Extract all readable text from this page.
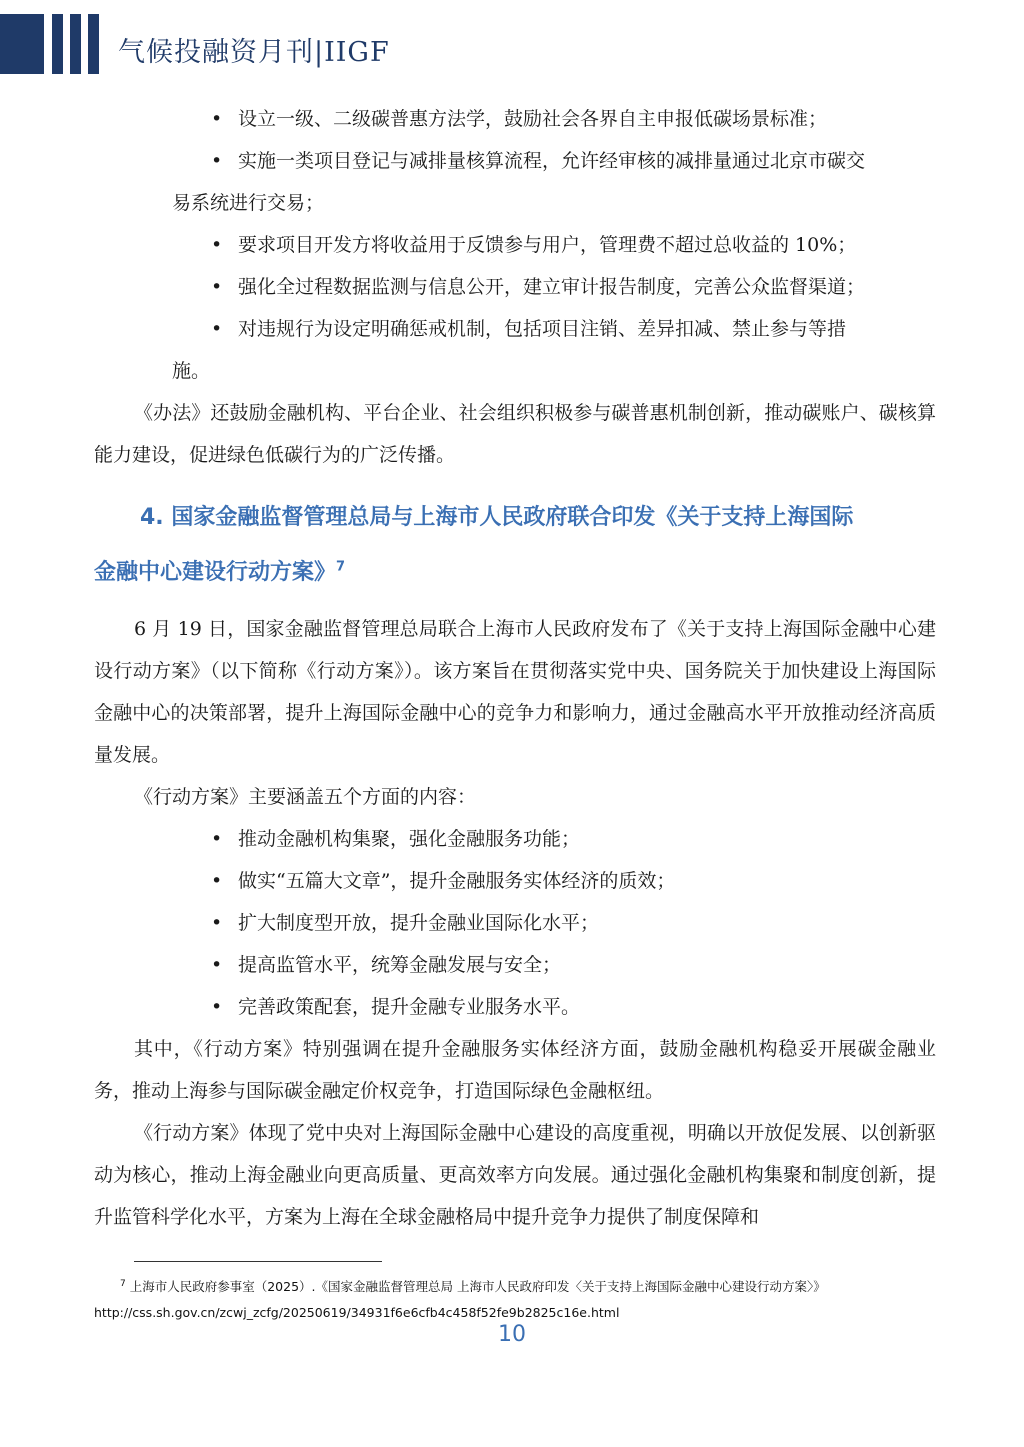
气候投融资月刊|IIGF

• 设立一级、二级碳普惠方法学，鼓励社会各界自主申报低碳场景标准；

• 实施一类项目登记与减排量核算流程，允许经审核的减排量通过北京市碳交
易系统进行交易；

• 要求项目开发方将收益用于反馈参与用户，管理费不超过总收益的 10%；

• 强化全过程数据监测与信息公开，建立审计报告制度，完善公众监督渠道；

• 对违规行为设定明确惩戒机制，包括项目注销、差异扣减、禁止参与等措
施。

《办法》还鼓励金融机构、平台企业、社会组织积极参与碳普惠机制创新，推动碳账户、碳核算能力建设，促进绿色低碳行为的广泛传播。

4. 国家金融监督管理总局与上海市人民政府联合印发《关于支持上海国际
金融中心建设行动方案》$^7$

6 月 19 日，国家金融监督管理总局联合上海市人民政府发布了《关于支持上海国际金融中心建设行动方案》（以下简称《行动方案》）。该方案旨在贯彻落实党中央、国务院关于加快建设上海国际金融中心的决策部署，提升上海国际金融中心的竞争力和影响力，通过金融高水平开放推动经济高质量发展。

《行动方案》主要涵盖五个方面的内容：

• 推动金融机构集聚，强化金融服务功能；

• 做实“五篇大文章”，提升金融服务实体经济的质效；

• 扩大制度型开放，提升金融业国际化水平；

• 提高监管水平，统筹金融发展与安全；

• 完善政策配套，提升金融专业服务水平。

其中，《行动方案》特别强调在提升金融服务实体经济方面，鼓励金融机构稳妥开展碳金融业务，推动上海参与国际碳金融定价权竞争，打造国际绿色金融枢纽。

《行动方案》体现了党中央对上海国际金融中心建设的高度重视，明确以开放促发展、以创新驱动为核心，推动上海金融业向更高质量、更高效率方向发展。通过强化金融机构集聚和制度创新，提升监管科学化水平，方案为上海在全球金融格局中提升竞争力提供了制度保障和

$^7$ 上海市人民政府参事室（2025）.《国家金融监督管理总局 上海市人民政府印发〈关于支持上海国际金融中心建设行动方案〉》
http://css.sh.gov.cn/zcwj_zcfg/20250619/34931f6e6cfb4c458f52fe9b2825c16e.html
10
